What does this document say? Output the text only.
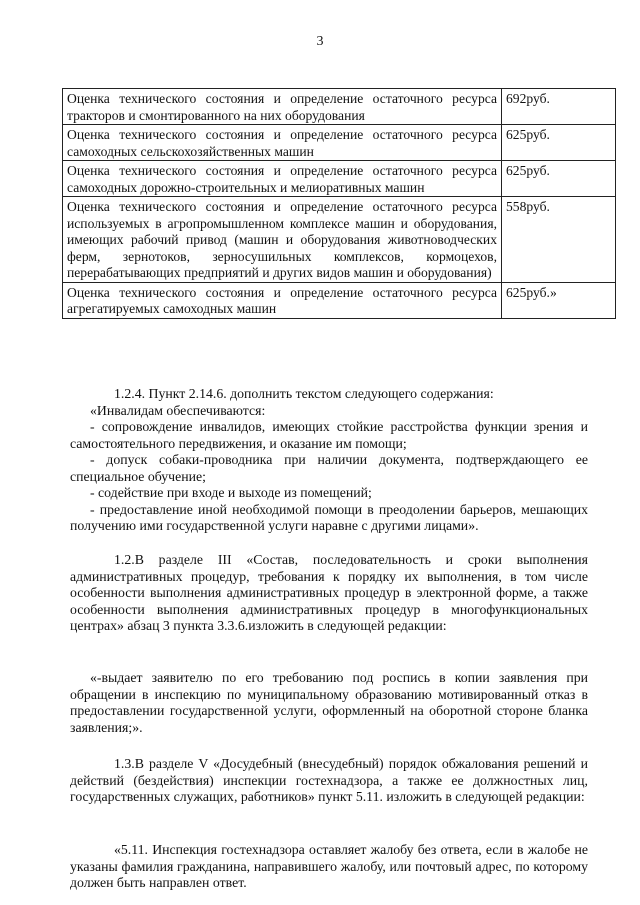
3
Оценка технического состояния и определение остаточного ресурса тракторов и смонтированного на них оборудования	692руб.
Оценка технического состояния и определение остаточного ресурса самоходных сельскохозяйственных машин	625руб.
Оценка технического состояния и определение остаточного ресурса самоходных дорожно-строительных и мелиоративных машин	625руб.
Оценка технического состояния и определение остаточного ресурса используемых в агропромышленном комплексе машин и оборудования, имеющих рабочий привод (машин и оборудования животноводческих ферм, зернотоков, зерносушильных комплексов, кормоцехов, перерабатывающих предприятий и других видов машин и оборудования)	558руб.
Оценка технического состояния и определение остаточного ресурса агрегатируемых самоходных машин	625руб.»

1.2.4. Пункт 2.14.6. дополнить текстом следующего содержания:

«Инвалидам обеспечиваются:

- сопровождение инвалидов, имеющих стойкие расстройства функции зрения и самостоятельного передвижения, и оказание им помощи;

- допуск собаки-проводника при наличии документа, подтверждающего ее специальное обучение;

- содействие при входе и выходе из помещений;

- предоставление иной необходимой помощи в преодолении барьеров, мешающих получению ими государственной услуги наравне с другими лицами».

1.2.В разделе III «Состав, последовательность и сроки выполнения административных процедур, требования к порядку их выполнения, в том числе особенности выполнения административных процедур в электронной форме, а также особенности выполнения административных процедур в многофункциональных центрах» абзац 3 пункта 3.3.6.изложить в следующей редакции:

«-выдает заявителю по его требованию под роспись в копии заявления при обращении в инспекцию по муниципальному образованию мотивированный отказ в предоставлении государственной услуги, оформленный на оборотной стороне бланка заявления;».

1.3.В разделе V «Досудебный (внесудебный) порядок обжалования решений и действий (бездействия) инспекции гостехнадзора, а также ее должностных лиц, государственных служащих, работников» пункт 5.11. изложить в следующей редакции:

«5.11. Инспекция гостехнадзора оставляет жалобу без ответа, если в жалобе не указаны фамилия гражданина, направившего жалобу, или почтовый адрес, по которому должен быть направлен ответ.
